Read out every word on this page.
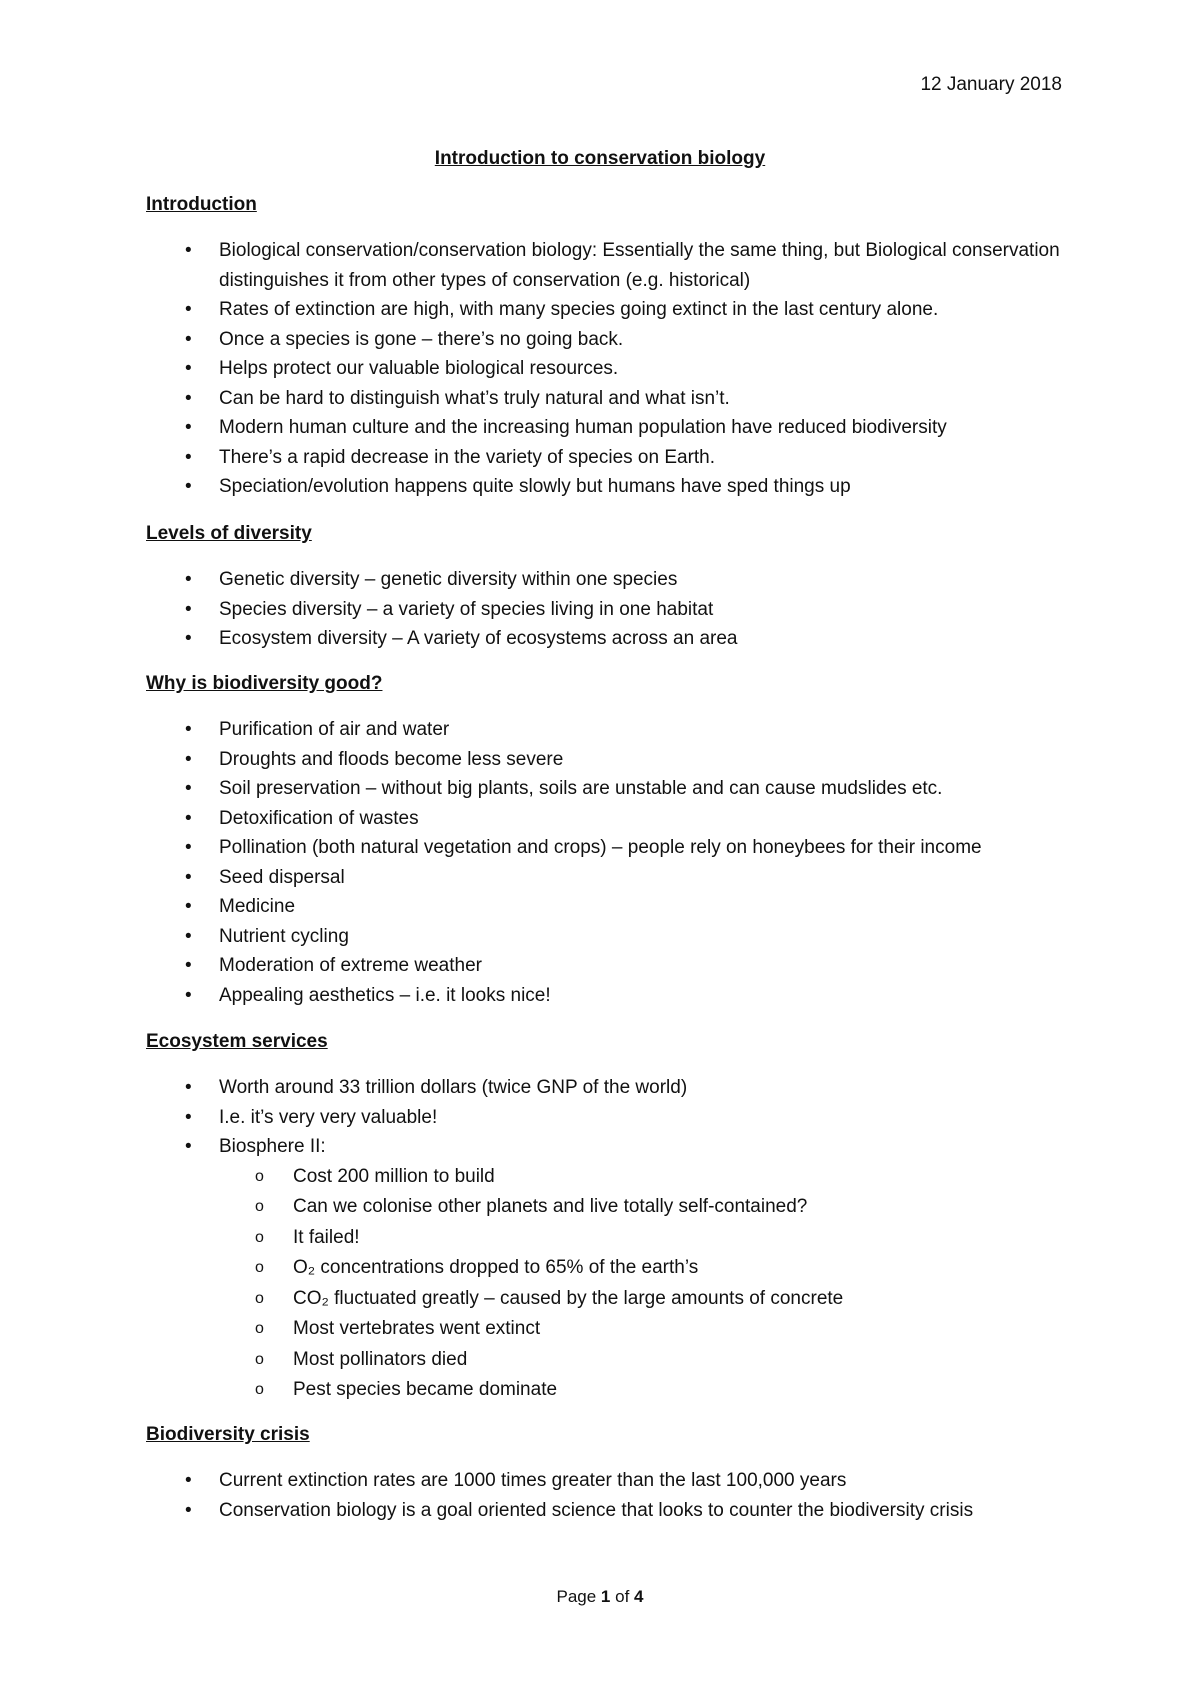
12 January 2018
Introduction to conservation biology
Introduction
• Biological conservation/conservation biology: Essentially the same thing, but Biological conservation distinguishes it from other types of conservation (e.g. historical)
• Rates of extinction are high, with many species going extinct in the last century alone.
• Once a species is gone – there’s no going back.
• Helps protect our valuable biological resources.
• Can be hard to distinguish what’s truly natural and what isn’t.
• Modern human culture and the increasing human population have reduced biodiversity
• There’s a rapid decrease in the variety of species on Earth.
• Speciation/evolution happens quite slowly but humans have sped things up
Levels of diversity
• Genetic diversity – genetic diversity within one species
• Species diversity – a variety of species living in one habitat
• Ecosystem diversity – A variety of ecosystems across an area
Why is biodiversity good?
• Purification of air and water
• Droughts and floods become less severe
• Soil preservation – without big plants, soils are unstable and can cause mudslides etc.
• Detoxification of wastes
• Pollination (both natural vegetation and crops) – people rely on honeybees for their income
• Seed dispersal
• Medicine
• Nutrient cycling
• Moderation of extreme weather
• Appealing aesthetics – i.e. it looks nice!
Ecosystem services
• Worth around 33 trillion dollars (twice GNP of the world)
• I.e. it’s very very valuable!
• Biosphere II:
o Cost 200 million to build
o Can we colonise other planets and live totally self-contained?
o It failed!
o O₂ concentrations dropped to 65% of the earth’s
o CO₂ fluctuated greatly – caused by the large amounts of concrete
o Most vertebrates went extinct
o Most pollinators died
o Pest species became dominate
Biodiversity crisis
• Current extinction rates are 1000 times greater than the last 100,000 years
• Conservation biology is a goal oriented science that looks to counter the biodiversity crisis
Page 1 of 4
